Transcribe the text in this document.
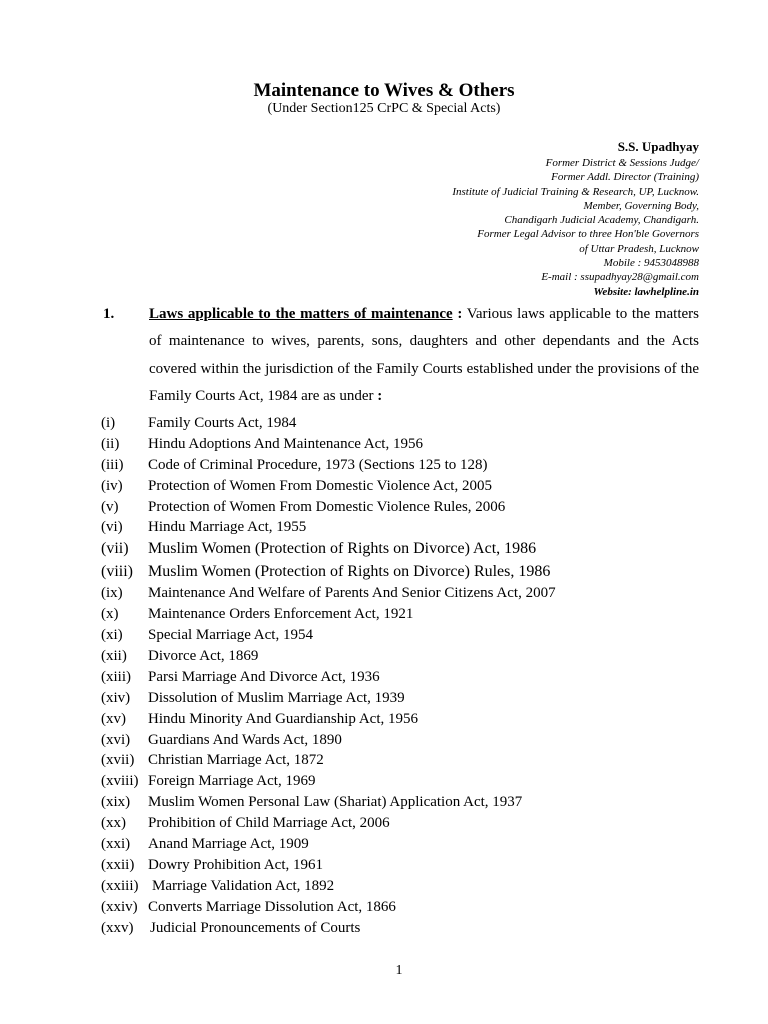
Maintenance to Wives & Others
(Under Section125 CrPC & Special Acts)
S.S. Upadhyay
Former District & Sessions Judge/
Former Addl. Director (Training)
Institute of Judicial Training & Research, UP, Lucknow.
Member, Governing Body,
Chandigarh Judicial Academy, Chandigarh.
Former Legal Advisor to three Hon'ble Governors
of Uttar Pradesh, Lucknow
Mobile : 9453048988
E-mail : ssupadhyay28@gmail.com
Website: lawhelpline.in
1. Laws applicable to the matters of maintenance : Various laws applicable to the matters of maintenance to wives, parents, sons, daughters and other dependants and the Acts covered within the jurisdiction of the Family Courts established under the provisions of the Family Courts Act, 1984 are as under :
(i) Family Courts Act, 1984
(ii) Hindu Adoptions And Maintenance Act, 1956
(iii) Code of Criminal Procedure, 1973 (Sections 125 to 128)
(iv) Protection of Women From Domestic Violence Act, 2005
(v) Protection of Women From Domestic Violence Rules, 2006
(vi) Hindu Marriage Act, 1955
(vii) Muslim Women (Protection of Rights on Divorce) Act, 1986
(viii) Muslim Women (Protection of Rights on Divorce) Rules, 1986
(ix) Maintenance And Welfare of Parents And Senior Citizens Act, 2007
(x) Maintenance Orders Enforcement Act, 1921
(xi) Special Marriage Act, 1954
(xii) Divorce Act, 1869
(xiii) Parsi Marriage And Divorce Act, 1936
(xiv) Dissolution of Muslim Marriage Act, 1939
(xv) Hindu Minority And Guardianship Act, 1956
(xvi) Guardians And Wards Act, 1890
(xvii) Christian Marriage Act, 1872
(xviii) Foreign Marriage Act, 1969
(xix) Muslim Women Personal Law (Shariat) Application Act, 1937
(xx) Prohibition of Child Marriage Act, 2006
(xxi) Anand Marriage Act, 1909
(xxii) Dowry Prohibition Act, 1961
(xxiii) Marriage Validation Act, 1892
(xxiv) Converts Marriage Dissolution Act, 1866
(xxv) Judicial Pronouncements of Courts
1
